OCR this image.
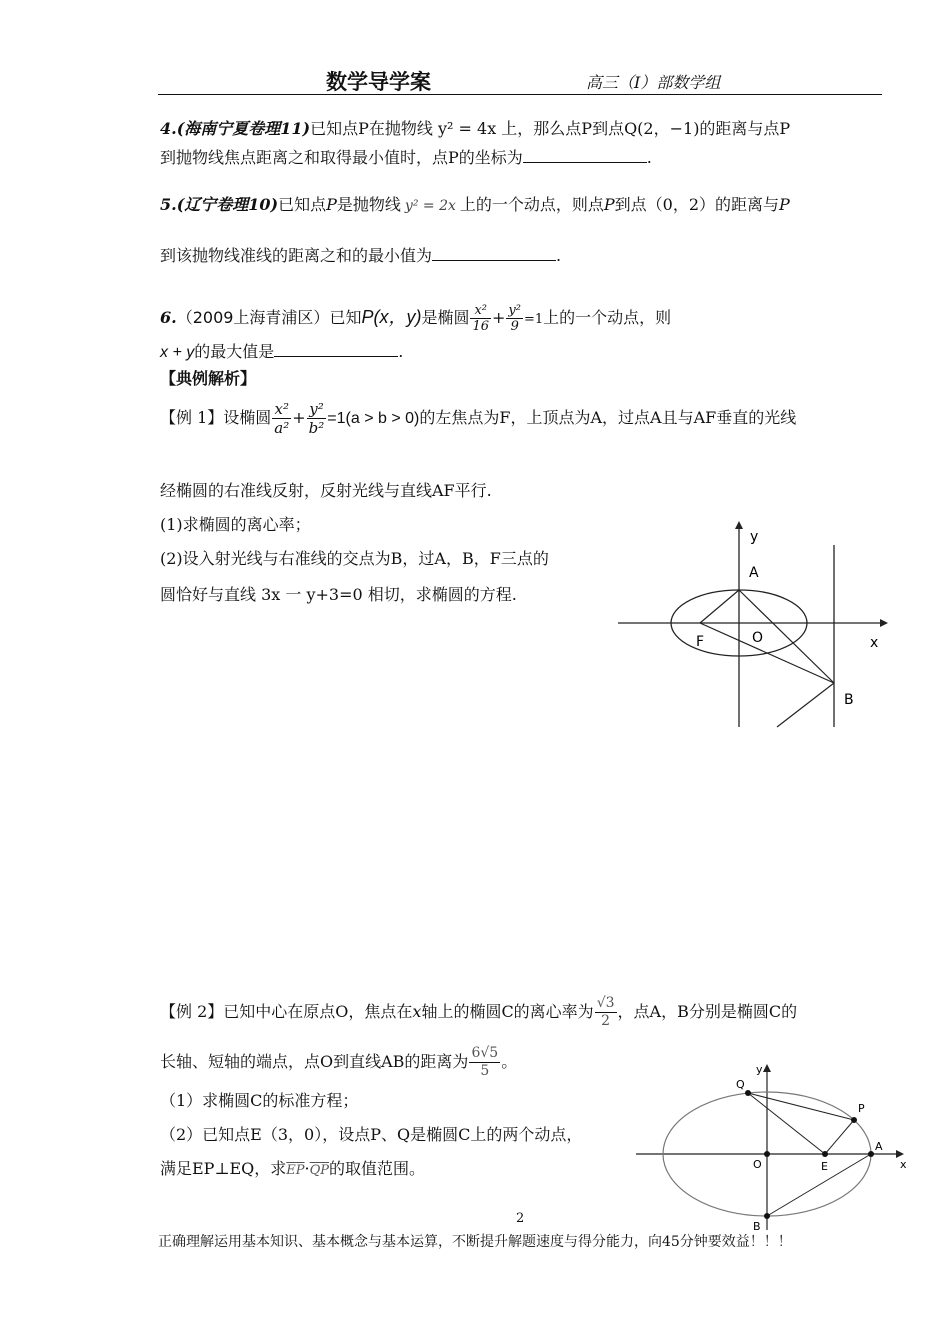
数学导学案	高三（Ⅰ）部数学组
4.(海南宁夏卷理11)已知点P在抛物线 y² = 4x 上，那么点P到点Q(2，−1)的距离与点P
到抛物线焦点距离之和取得最小值时，点P的坐标为	.
5.(辽宁卷理10)已知点P是抛物线 y² = 2x 上的一个动点，则点P到点（0，2）的距离与P
到该抛物线准线的距离之和的最小值为	.
6.（2009上海青浦区）已知P(x，y)是椭圆 $\frac{\text{x²}}{16} + \frac{\text{y²}}{9} =1$上的一个动点，则
x + y的最大值是	.
【典例解析】
【例 1】设椭圆 $\frac{\text{x²}}{\text{a²}} + \frac{\text{y²}}{\text{b²}} =1(a > b > 0)$的左焦点为F，上顶点为A，过点A且与AF垂直的光线
经椭圆的右准线反射，反射光线与直线AF平行.
(1)求椭圆的离心率；
(2)设入射光线与右准线的交点为B，过A，B，F三点的
圆恰好与直线 3x 一 y+3=0 相切，求椭圆的方程.
y
A
F	O	x
B
【例 2】已知中心在原点O，焦点在x轴上的椭圆C的离心率为 $\frac{√3}{2}$ ，点A，B分别是椭圆C的
长轴、短轴的端点，点O到直线AB的距离为 $\frac{6√5}{5}$ 。
（1）求椭圆C的标准方程；
（2）已知点E（3，0），设点P、Q是椭圆C上的两个动点，
满足EP⊥EQ，求$\overline{EP}\cdot\overline{QP}$的取值范围。
y
Q
P
A
O	E	x
B
2
正确理解运用基本知识、基本概念与基本运算，不断提升解题速度与得分能力，向45分钟要效益！！！
